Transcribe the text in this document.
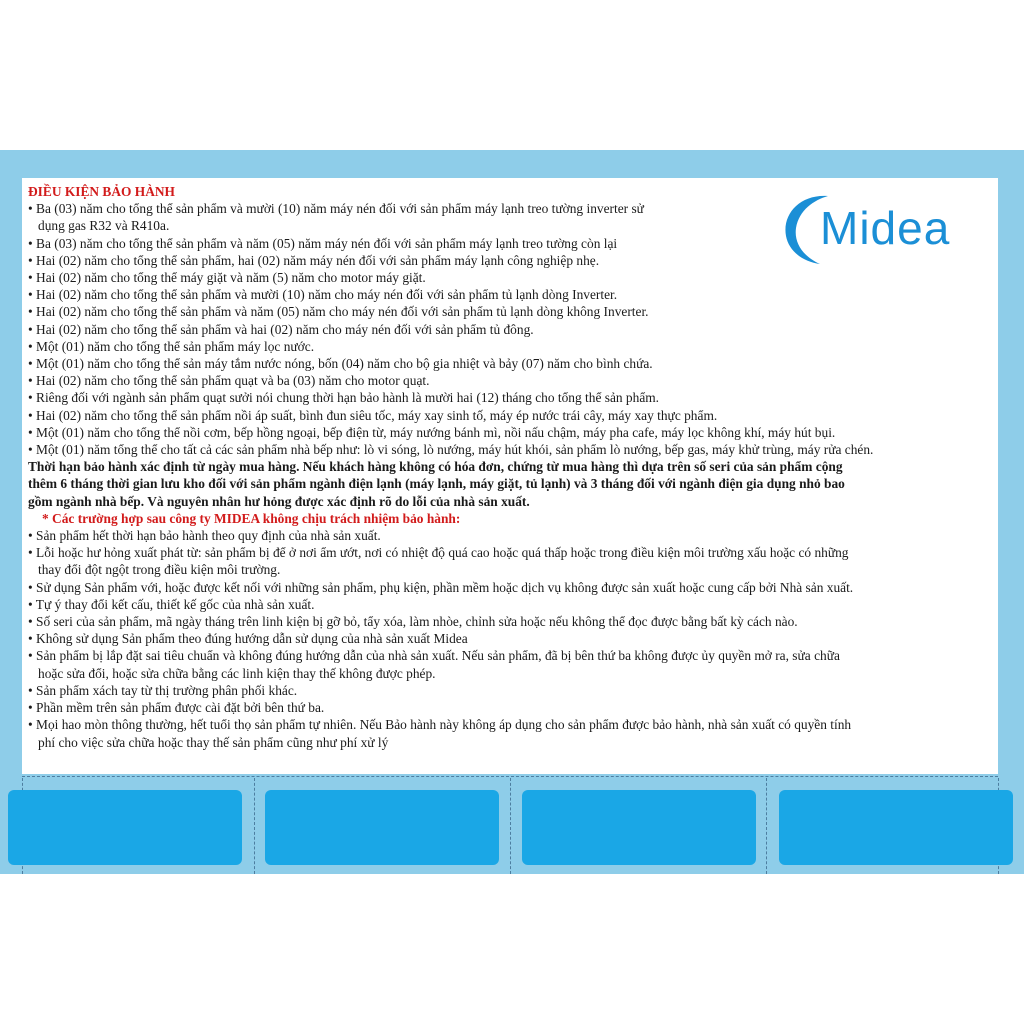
Midea
ĐIỀU KIỆN BẢO HÀNH
• Ba (03) năm cho tổng thể sản phẩm và mười (10) năm máy nén đối với sản phẩm máy lạnh treo tường inverter sử
dụng gas R32 và R410a.
• Ba (03) năm cho tổng thể sản phẩm và năm (05) năm máy nén đối với sản phẩm máy lạnh treo tường còn lại
• Hai (02) năm cho tổng thể sản phẩm, hai (02) năm máy nén đối với sản phẩm máy lạnh công nghiệp nhẹ.
• Hai (02) năm cho tổng thể máy giặt và năm (5) năm cho motor máy giặt.
• Hai (02) năm cho tổng thể sản phẩm và mười (10) năm cho máy nén đối với sản phẩm tủ lạnh dòng Inverter.
• Hai (02) năm cho tổng thể sản phẩm và năm (05) năm cho máy nén đối với sản phẩm tủ lạnh dòng không Inverter.
• Hai (02) năm cho tổng thể sản phẩm và hai (02) năm cho máy nén đối với sản phẩm tủ đông.
• Một (01) năm cho tổng thể sản phẩm máy lọc nước.
• Một (01) năm cho tổng thể sản máy tắm nước nóng, bốn (04) năm cho bộ gia nhiệt và bảy (07) năm cho bình chứa.
• Hai (02) năm cho tổng thể sản phẩm quạt và ba (03) năm cho motor quạt.
• Riêng đối với ngành sản phẩm quạt sưởi nói chung thời hạn bảo hành là mười hai (12) tháng cho tổng thể sản phẩm.
• Hai (02) năm cho tổng thể sản phẩm nồi áp suất, bình đun siêu tốc, máy xay sinh tố, máy ép nước trái cây, máy xay thực phẩm.
• Một (01) năm cho tổng thể nồi cơm, bếp hồng ngoại, bếp điện từ, máy nướng bánh mì, nồi nấu chậm, máy pha cafe, máy lọc không khí, máy hút bụi.
• Một (01) năm tổng thể cho tất cả các sản phẩm nhà bếp như: lò vi sóng, lò nướng, máy hút khói, sản phẩm lò nướng, bếp gas, máy khử trùng, máy rửa chén.
Thời hạn bảo hành xác định từ ngày mua hàng. Nếu khách hàng không có hóa đơn, chứng từ mua hàng thì dựa trên số seri của sản phẩm cộng
thêm 6 tháng thời gian lưu kho đối với sản phẩm ngành điện lạnh (máy lạnh, máy giặt, tủ lạnh) và 3 tháng đối với ngành điện gia dụng nhỏ bao
gồm ngành nhà bếp. Và nguyên nhân hư hỏng được xác định rõ do lỗi của nhà sản xuất.
* Các trường hợp sau công ty MIDEA không chịu trách nhiệm bảo hành:
• Sản phẩm hết thời hạn bảo hành theo quy định của nhà sản xuất.
• Lỗi hoặc hư hỏng xuất phát từ: sản phẩm bị để ở nơi ẩm ướt, nơi có nhiệt độ quá cao hoặc quá thấp hoặc trong điều kiện môi trường xấu hoặc có những
thay đổi đột ngột trong điều kiện môi trường.
• Sử dụng Sản phẩm với, hoặc được kết nối với những sản phẩm, phụ kiện, phần mềm hoặc dịch vụ không được sản xuất hoặc cung cấp bởi Nhà sản xuất.
• Tự ý thay đổi kết cấu, thiết kế gốc của nhà sản xuất.
• Số seri của sản phẩm, mã ngày tháng trên linh kiện bị gỡ bỏ, tẩy xóa, làm nhòe, chỉnh sửa hoặc nếu không thể đọc được bằng bất kỳ cách nào.
• Không sử dụng Sản phẩm theo đúng hướng dẫn sử dụng của nhà sản xuất Midea
• Sản phẩm bị lắp đặt sai tiêu chuẩn và không đúng hướng dẫn của nhà sản xuất. Nếu sản phẩm, đã bị bên thứ ba không được ủy quyền mở ra, sửa chữa
hoặc sửa đổi, hoặc sửa chữa bằng các linh kiện thay thế không được phép.
• Sản phẩm xách tay từ thị trường phân phối khác.
• Phần mềm trên sản phẩm được cài đặt bởi bên thứ ba.
• Mọi hao mòn thông thường, hết tuổi thọ sản phẩm tự nhiên. Nếu Bảo hành này không áp dụng cho sản phẩm được bảo hành, nhà sản xuất có quyền tính
phí cho việc sửa chữa hoặc thay thế sản phẩm cũng như phí xử lý
